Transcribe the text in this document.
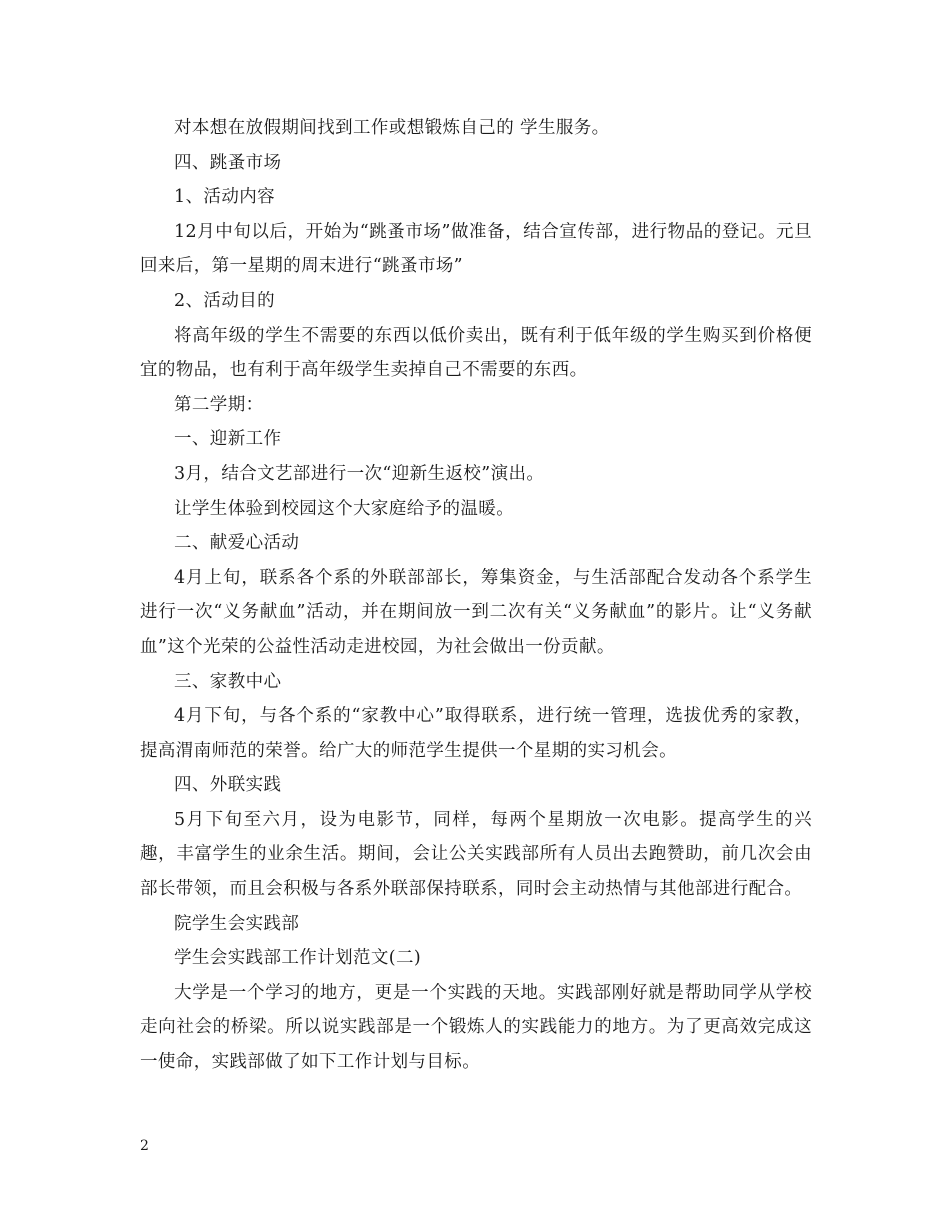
对本想在放假期间找到工作或想锻炼自己的 学生服务。

四、跳蚤市场

1、活动内容

12月中旬以后，开始为“跳蚤市场”做准备，结合宣传部，进行物品的登记。元旦回来后，第一星期的周末进行“跳蚤市场”

2、活动目的

将高年级的学生不需要的东西以低价卖出，既有利于低年级的学生购买到价格便宜的物品，也有利于高年级学生卖掉自己不需要的东西。

第二学期：

一、迎新工作

3月，结合文艺部进行一次“迎新生返校”演出。

让学生体验到校园这个大家庭给予的温暖。

二、献爱心活动

4月上旬，联系各个系的外联部部长，筹集资金，与生活部配合发动各个系学生进行一次“义务献血”活动，并在期间放一到二次有关“义务献血”的影片。让“义务献血”这个光荣的公益性活动走进校园，为社会做出一份贡献。

三、家教中心

4月下旬，与各个系的“家教中心”取得联系，进行统一管理，选拔优秀的家教，提高渭南师范的荣誉。给广大的师范学生提供一个星期的实习机会。

四、外联实践

5月下旬至六月，设为电影节，同样，每两个星期放一次电影。提高学生的兴趣，丰富学生的业余生活。期间，会让公关实践部所有人员出去跑赞助，前几次会由部长带领，而且会积极与各系外联部保持联系，同时会主动热情与其他部进行配合。

院学生会实践部

学生会实践部工作计划范文(二)

大学是一个学习的地方，更是一个实践的天地。实践部刚好就是帮助同学从学校走向社会的桥梁。所以说实践部是一个锻炼人的实践能力的地方。为了更高效完成这一使命，实践部做了如下工作计划与目标。

2
